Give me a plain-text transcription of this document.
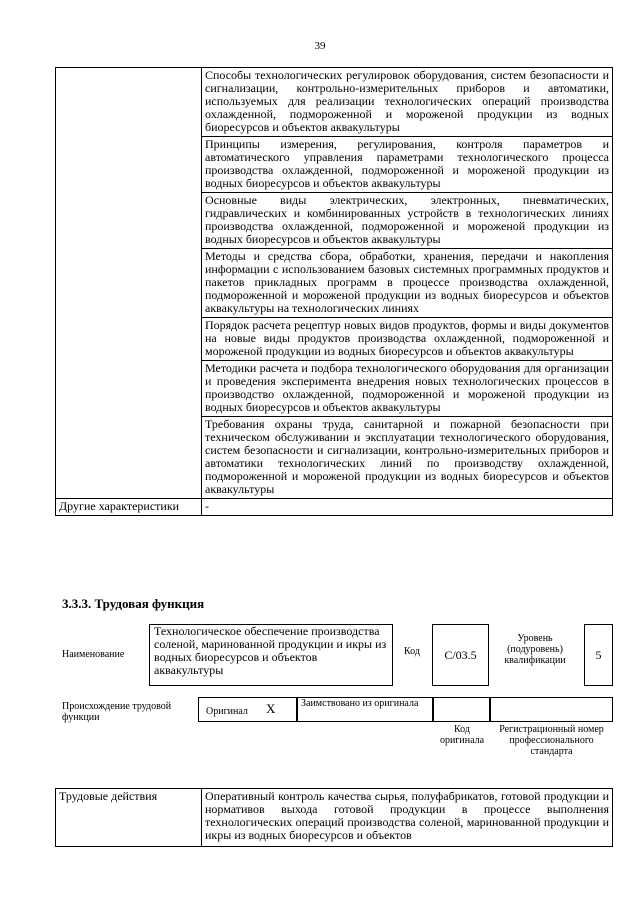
39
	Способы технологических регулировок оборудования, систем безопасности и сигнализации, контрольно-измерительных приборов и автоматики, используемых для реализации технологических операций производства охлажденной, подмороженной и мороженой продукции из водных биоресурсов и объектов аквакультуры
	Принципы измерения, регулирования, контроля параметров и автоматического управления параметрами технологического процесса производства охлажденной, подмороженной и мороженой продукции из водных биоресурсов и объектов аквакультуры
	Основные виды электрических, электронных, пневматических, гидравлических и комбинированных устройств в технологических линиях производства охлажденной, подмороженной и мороженой продукции из водных биоресурсов и объектов аквакультуры
	Методы и средства сбора, обработки, хранения, передачи и накопления информации с использованием базовых системных программных продуктов и пакетов прикладных программ в процессе производства охлажденной, подмороженной и мороженой продукции из водных биоресурсов и объектов аквакультуры на технологических линиях
	Порядок расчета рецептур новых видов продуктов, формы и виды документов на новые виды продуктов производства охлажденной, подмороженной и мороженой продукции из водных биоресурсов и объектов аквакультуры
	Методики расчета и подбора технологического оборудования для организации и проведения эксперимента внедрения новых технологических процессов в производство охлажденной, подмороженной и мороженой продукции из водных биоресурсов и объектов аквакультуры
	Требования охраны труда, санитарной и пожарной безопасности при техническом обслуживании и эксплуатации технологического оборудования, систем безопасности и сигнализации, контрольно-измерительных приборов и автоматики технологических линий по производству охлажденной, подмороженной и мороженой продукции из водных биоресурсов и объектов аквакультуры
Другие характеристики	-
3.3.3. Трудовая функция
Наименование
Технологическое обеспечение производства соленой, маринованной продукции и икры из водных биоресурсов и объектов аквакультуры
Код C/03.5
Уровень (подуровень) квалификации	5
Происхождение трудовой функции
Оригинал X	Заимствовано из оригинала
Код оригинала
Регистрационный номер профессионального стандарта
Трудовые действия	Оперативный контроль качества сырья, полуфабрикатов, готовой продукции и нормативов выхода готовой продукции в процессе выполнения технологических операций производства соленой, маринованной продукции и икры из водных биоресурсов и объектов
